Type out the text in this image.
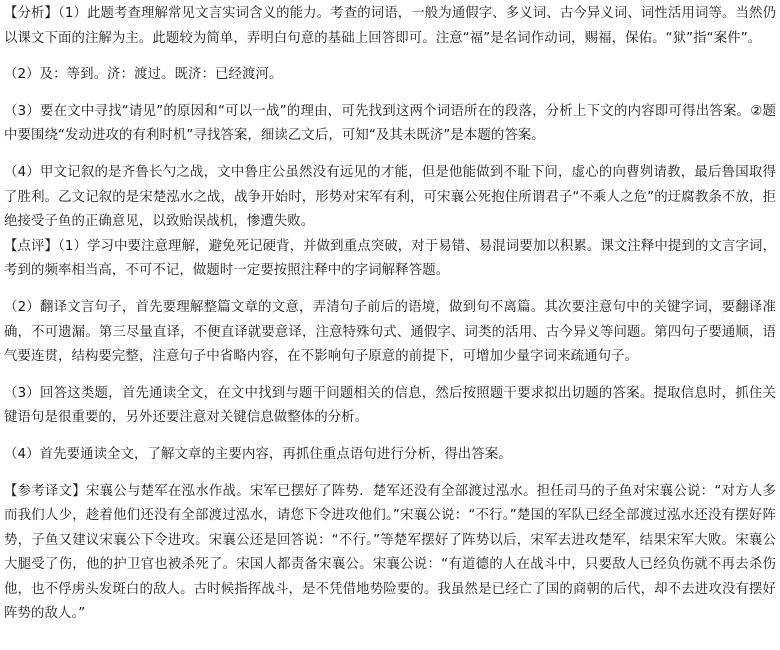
【分析】（1）此题考查理解常见文言实词含义的能力。考查的词语，一般为通假字、多义词、古今异义词、词性活用词等。当然仍以课文下面的注解为主。此题较为简单，弄明白句意的基础上回答即可。注意“福”是名词作动词，赐福，保佑。“狱”指“案件”。

（2）及：等到。济：渡过。既济：已经渡河。

（3）要在文中寻找“请见”的原因和“可以一战”的理由，可先找到这两个词语所在的段落，分析上下文的内容即可得出答案。②题中要围绕“发动进攻的有利时机”寻找答案，细读乙文后，可知“及其未既济”是本题的答案。

（4）甲文记叙的是齐鲁长勺之战，文中鲁庄公虽然没有远见的才能，但是他能做到不耻下问，虚心的向曹刿请教，最后鲁国取得了胜利。乙文记叙的是宋楚泓水之战，战争开始时，形势对宋军有利，可宋襄公死抱住所谓君子“不乘人之危”的迂腐教条不放，拒绝接受子鱼的正确意见，以致贻误战机，惨遭失败。

【点评】（1）学习中要注意理解，避免死记硬背，并做到重点突破，对于易错、易混词要加以积累。课文注释中提到的文言字词，考到的频率相当高，不可不记，做题时一定要按照注释中的字词解释答题。

（2）翻译文言句子，首先要理解整篇文章的文意，弄清句子前后的语境，做到句不离篇。其次要注意句中的关键字词，要翻译准确，不可遗漏。第三尽量直译，不便直译就要意译，注意特殊句式、通假字、词类的活用、古今异义等问题。第四句子要通顺，语气要连贯，结构要完整，注意句子中省略内容，在不影响句子原意的前提下，可增加少量字词来疏通句子。

（3）回答这类题，首先通读全文，在文中找到与题干问题相关的信息，然后按照题干要求拟出切题的答案。提取信息时，抓住关键语句是很重要的，另外还要注意对关键信息做整体的分析。

（4）首先要通读全文，了解文章的主要内容，再抓住重点语句进行分析，得出答案。

【参考译文】宋襄公与楚军在泓水作战。宋军已摆好了阵势．楚军还没有全部渡过泓水。担任司马的子鱼对宋襄公说：“对方人多而我们人少，趁着他们还没有全部渡过泓水，请您下令进攻他们。”宋襄公说：“不行。”楚国的军队已经全部渡过泓水还没有摆好阵势，子鱼又建议宋襄公下令进攻。宋襄公还是回答说：“不行。”等楚军摆好了阵势以后，宋军去进攻楚军，结果宋军大败。宋襄公大腿受了伤，他的护卫官也被杀死了。宋国人都责备宋襄公。宋襄公说：“有道德的人在战斗中，只要敌人已经负伤就不再去杀伤他，也不俘虏头发斑白的敌人。古时候指挥战斗，是不凭借地势险要的。我虽然是已经亡了国的商朝的后代，却不去进攻没有摆好阵势的敌人。”
